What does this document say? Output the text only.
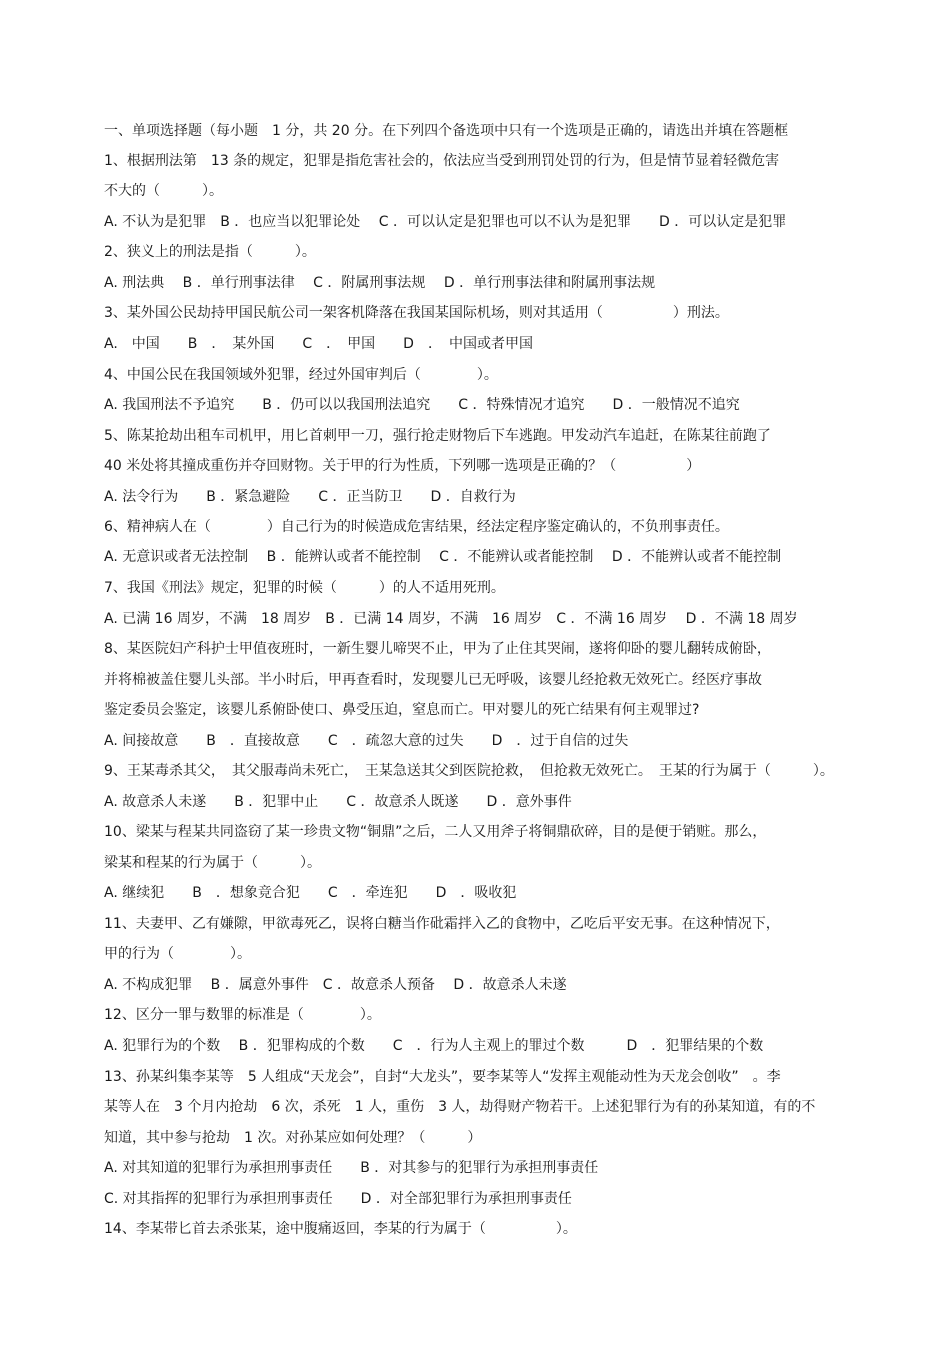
一、单项选择题（每小题　1 分，共 20 分。在下列四个备选项中只有一个选项是正确的，请选出并填在答题框
1、根据刑法第　13 条的规定，犯罪是指危害社会的，依法应当受到刑罚处罚的行为，但是情节显着轻微危害
不大的（　　　）。
A. 不认为是犯罪　B ．也应当以犯罪论处　 C ．可以认定是犯罪也可以不认为是犯罪　　D ．可以认定是犯罪
2、狭义上的刑法是指（　　　）。
A. 刑法典　 B ．单行刑事法律　 C ．附属刑事法规　 D ．单行刑事法律和附属刑事法规
3、某外国公民劫持甲国民航公司一架客机降落在我国某国际机场，则对其适用（　　　　　）刑法。
A.　中国　　B　．　某外国　　C　．　甲国　　D　．　中国或者甲国
4、中国公民在我国领域外犯罪，经过外国审判后（　　　　）。
A. 我国刑法不予追究　　B ．仍可以以我国刑法追究　　C ．特殊情况才追究　　D ．一般情况不追究
5、陈某抢劫出租车司机甲，用匕首刺甲一刀，强行抢走财物后下车逃跑。甲发动汽车追赶，在陈某往前跑了
40 米处将其撞成重伤并夺回财物。关于甲的行为性质，下列哪一选项是正确的？（　　　　　）
A. 法令行为　　B ．紧急避险　　C ．正当防卫　　D ．自救行为
6、精神病人在（　　　　）自己行为的时候造成危害结果，经法定程序鉴定确认的，不负刑事责任。
A. 无意识或者无法控制　 B ．能辨认或者不能控制　 C ．不能辨认或者能控制　 D ．不能辨认或者不能控制
7、我国《刑法》规定，犯罪的时候（　　　）的人不适用死刑。
A. 已满 16 周岁，不满　18 周岁　B ．已满 14 周岁，不满　16 周岁　C ．不满 16 周岁　 D ．不满 18 周岁
8、某医院妇产科护士甲值夜班时，一新生婴儿啼哭不止，甲为了止住其哭闹，遂将仰卧的婴儿翻转成俯卧，
并将棉被盖住婴儿头部。半小时后，甲再查看时，发现婴儿已无呼吸，该婴儿经抢救无效死亡。经医疗事故
鉴定委员会鉴定，该婴儿系俯卧使口、鼻受压迫，窒息而亡。甲对婴儿的死亡结果有何主观罪过?
A. 间接故意　　B　．直接故意　　C　．疏忽大意的过失　　D　．过于自信的过失
9、王某毒杀其父，　其父服毒尚未死亡，　王某急送其父到医院抢救，　但抢救无效死亡。　王某的行为属于（　　　）。
A. 故意杀人未遂　　B ．犯罪中止　　C ．故意杀人既遂　　D ．意外事件
10、梁某与程某共同盗窃了某一珍贵文物“铜鼎”之后，二人又用斧子将铜鼎砍碎，目的是便于销赃。那么，
梁某和程某的行为属于（　　　）。
A. 继续犯　　B　．想象竞合犯　　C　．牵连犯　　D　．吸收犯
11、夫妻甲、乙有嫌隙，甲欲毒死乙，误将白糖当作砒霜拌入乙的食物中，乙吃后平安无事。在这种情况下，
甲的行为（　　　　）。
A. 不构成犯罪　 B ．属意外事件　C ．故意杀人预备　 D ．故意杀人未遂
12、区分一罪与数罪的标准是（　　　　）。
A. 犯罪行为的个数　 B ．犯罪构成的个数　　C　．行为人主观上的罪过个数　　　D　．犯罪结果的个数
13、孙某纠集李某等　5 人组成“天龙会”，自封“大龙头”，要李某等人“发挥主观能动性为天龙会创收”　。李
某等人在　3 个月内抢劫　6 次，杀死　1 人，重伤　3 人，劫得财产物若干。上述犯罪行为有的孙某知道，有的不
知道，其中参与抢劫　1 次。对孙某应如何处理？（　　　）
A. 对其知道的犯罪行为承担刑事责任　　B ．对其参与的犯罪行为承担刑事责任
C. 对其指挥的犯罪行为承担刑事责任　　D ．对全部犯罪行为承担刑事责任
14、李某带匕首去杀张某，途中腹痛返回，李某的行为属于（　　　　　）。
